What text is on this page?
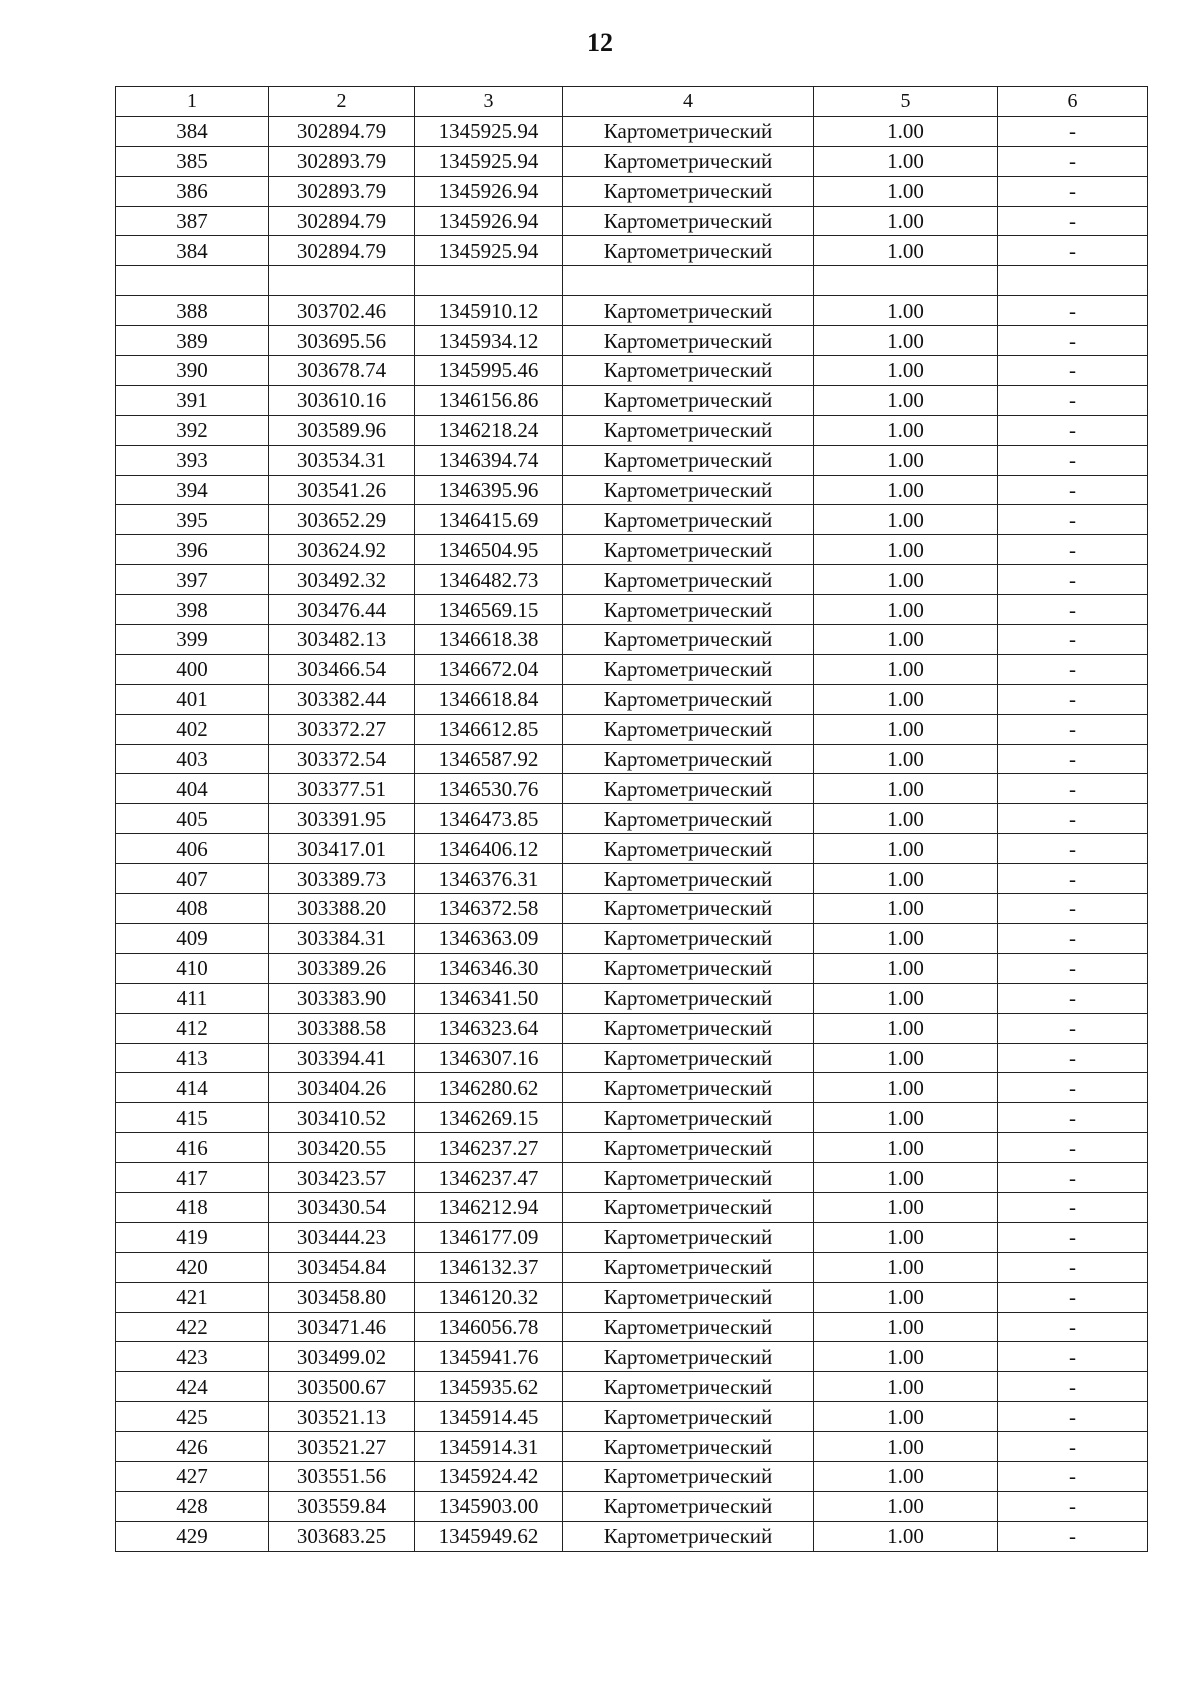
12
1	2	3	4	5	6
384	302894.79	1345925.94	Картометрический	1.00	-
385	302893.79	1345925.94	Картометрический	1.00	-
386	302893.79	1345926.94	Картометрический	1.00	-
387	302894.79	1345926.94	Картометрический	1.00	-
384	302894.79	1345925.94	Картометрический	1.00	-

388	303702.46	1345910.12	Картометрический	1.00	-
389	303695.56	1345934.12	Картометрический	1.00	-
390	303678.74	1345995.46	Картометрический	1.00	-
391	303610.16	1346156.86	Картометрический	1.00	-
392	303589.96	1346218.24	Картометрический	1.00	-
393	303534.31	1346394.74	Картометрический	1.00	-
394	303541.26	1346395.96	Картометрический	1.00	-
395	303652.29	1346415.69	Картометрический	1.00	-
396	303624.92	1346504.95	Картометрический	1.00	-
397	303492.32	1346482.73	Картометрический	1.00	-
398	303476.44	1346569.15	Картометрический	1.00	-
399	303482.13	1346618.38	Картометрический	1.00	-
400	303466.54	1346672.04	Картометрический	1.00	-
401	303382.44	1346618.84	Картометрический	1.00	-
402	303372.27	1346612.85	Картометрический	1.00	-
403	303372.54	1346587.92	Картометрический	1.00	-
404	303377.51	1346530.76	Картометрический	1.00	-
405	303391.95	1346473.85	Картометрический	1.00	-
406	303417.01	1346406.12	Картометрический	1.00	-
407	303389.73	1346376.31	Картометрический	1.00	-
408	303388.20	1346372.58	Картометрический	1.00	-
409	303384.31	1346363.09	Картометрический	1.00	-
410	303389.26	1346346.30	Картометрический	1.00	-
411	303383.90	1346341.50	Картометрический	1.00	-
412	303388.58	1346323.64	Картометрический	1.00	-
413	303394.41	1346307.16	Картометрический	1.00	-
414	303404.26	1346280.62	Картометрический	1.00	-
415	303410.52	1346269.15	Картометрический	1.00	-
416	303420.55	1346237.27	Картометрический	1.00	-
417	303423.57	1346237.47	Картометрический	1.00	-
418	303430.54	1346212.94	Картометрический	1.00	-
419	303444.23	1346177.09	Картометрический	1.00	-
420	303454.84	1346132.37	Картометрический	1.00	-
421	303458.80	1346120.32	Картометрический	1.00	-
422	303471.46	1346056.78	Картометрический	1.00	-
423	303499.02	1345941.76	Картометрический	1.00	-
424	303500.67	1345935.62	Картометрический	1.00	-
425	303521.13	1345914.45	Картометрический	1.00	-
426	303521.27	1345914.31	Картометрический	1.00	-
427	303551.56	1345924.42	Картометрический	1.00	-
428	303559.84	1345903.00	Картометрический	1.00	-
429	303683.25	1345949.62	Картометрический	1.00	-
